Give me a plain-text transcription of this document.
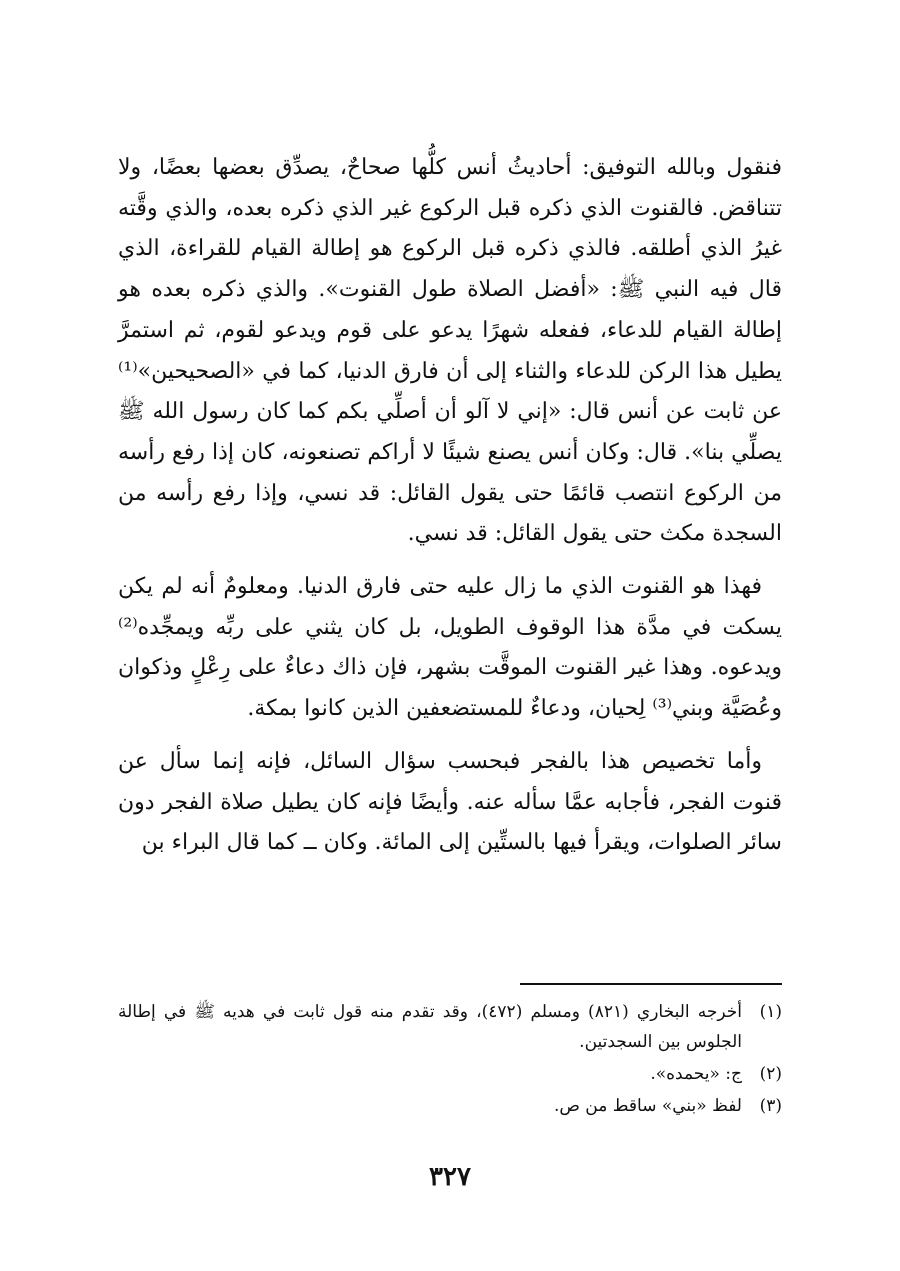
فنقول وبالله التوفيق: أحاديثُ أنس كلُّها صحاحٌ، يصدِّق بعضها بعضًا، ولا تتناقض. فالقنوت الذي ذكره قبل الركوع غير الذي ذكره بعده، والذي وقَّته غيرُ الذي أطلقه. فالذي ذكره قبل الركوع هو إطالة القيام للقراءة، الذي قال فيه النبي ﷺ: «أفضل الصلاة طول القنوت». والذي ذكره بعده هو إطالة القيام للدعاء، ففعله شهرًا يدعو على قوم ويدعو لقوم، ثم استمرَّ يطيل هذا الركن للدعاء والثناء إلى أن فارق الدنيا، كما في «الصحيحين»⁽¹⁾ عن ثابت عن أنس قال: «إني لا آلو أن أصلِّي بكم كما كان رسول الله ﷺ يصلِّي بنا». قال: وكان أنس يصنع شيئًا لا أراكم تصنعونه، كان إذا رفع رأسه من الركوع انتصب قائمًا حتى يقول القائل: قد نسي، وإذا رفع رأسه من السجدة مكث حتى يقول القائل: قد نسي.

فهذا هو القنوت الذي ما زال عليه حتى فارق الدنيا. ومعلومٌ أنه لم يكن يسكت في مدَّة هذا الوقوف الطويل، بل كان يثني على ربِّه ويمجِّده⁽²⁾ ويدعوه. وهذا غير القنوت الموقَّت بشهر، فإن ذاك دعاءٌ على رِعْلٍ وذكوان وعُصَيَّة وبني⁽³⁾ لِحيان، ودعاءٌ للمستضعفين الذين كانوا بمكة.

وأما تخصيص هذا بالفجر فبحسب سؤال السائل، فإنه إنما سأل عن قنوت الفجر، فأجابه عمَّا سأله عنه. وأيضًا فإنه كان يطيل صلاة الفجر دون سائر الصلوات، ويقرأ فيها بالستِّين إلى المائة. وكان ــ كما قال البراء بن

(١)
أخرجه البخاري (٨٢١) ومسلم (٤٧٢)، وقد تقدم منه قول ثابت في هديه ﷺ في إطالة الجلوس بين السجدتين.
(٢)
ج: «يحمده».
(٣)
لفظ «بني» ساقط من ص.
٣٢٧
